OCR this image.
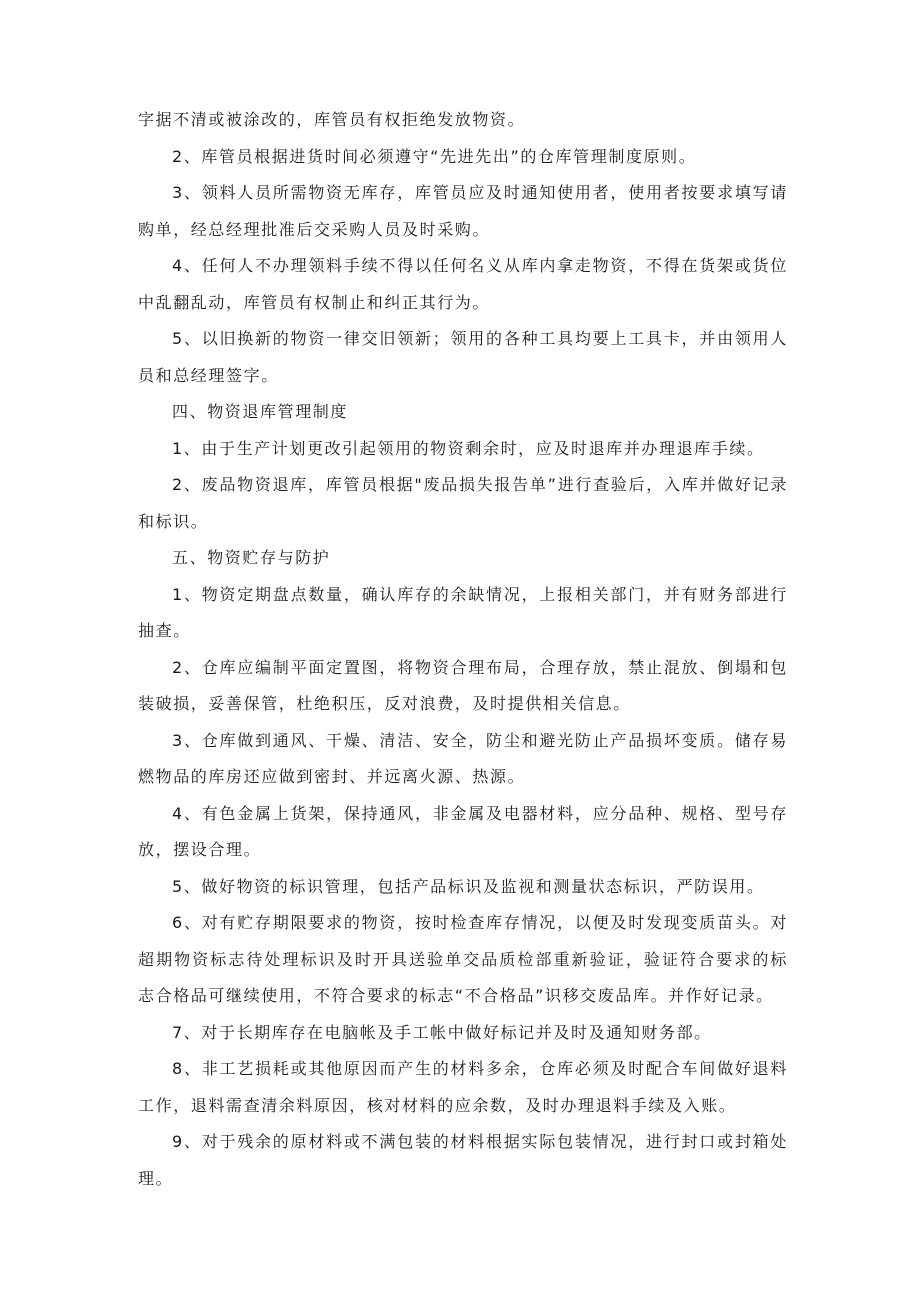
字据不清或被涂改的，库管员有权拒绝发放物资。

2、库管员根据进货时间必须遵守“先进先出”的仓库管理制度原则。

3、领料人员所需物资无库存，库管员应及时通知使用者，使用者按要求填写请购单，经总经理批准后交采购人员及时采购。

4、任何人不办理领料手续不得以任何名义从库内拿走物资，不得在货架或货位中乱翻乱动，库管员有权制止和纠正其行为。

5、以旧换新的物资一律交旧领新；领用的各种工具均要上工具卡，并由领用人员和总经理签字。

四、物资退库管理制度

1、由于生产计划更改引起领用的物资剩余时，应及时退库并办理退库手续。

2、废品物资退库，库管员根据"废品损失报告单”进行查验后，入库并做好记录和标识。

五、物资贮存与防护

1、物资定期盘点数量，确认库存的余缺情况，上报相关部门，并有财务部进行抽查。

2、仓库应编制平面定置图，将物资合理布局，合理存放，禁止混放、倒塌和包装破损，妥善保管，杜绝积压，反对浪费，及时提供相关信息。

3、仓库做到通风、干燥、清洁、安全，防尘和避光防止产品损坏变质。储存易燃物品的库房还应做到密封、并远离火源、热源。

4、有色金属上货架，保持通风，非金属及电器材料，应分品种、规格、型号存放，摆设合理。

5、做好物资的标识管理，包括产品标识及监视和测量状态标识，严防误用。

6、对有贮存期限要求的物资，按时检查库存情况，以便及时发现变质苗头。对超期物资标志待处理标识及时开具送验单交品质检部重新验证，验证符合要求的标志合格品可继续使用，不符合要求的标志“不合格品”识移交废品库。并作好记录。

7、对于长期库存在电脑帐及手工帐中做好标记并及时及通知财务部。

8、非工艺损耗或其他原因而产生的材料多余，仓库必须及时配合车间做好退料工作，退料需查清余料原因，核对材料的应余数，及时办理退料手续及入账。

9、对于残余的原材料或不满包装的材料根据实际包装情况，进行封口或封箱处理。
